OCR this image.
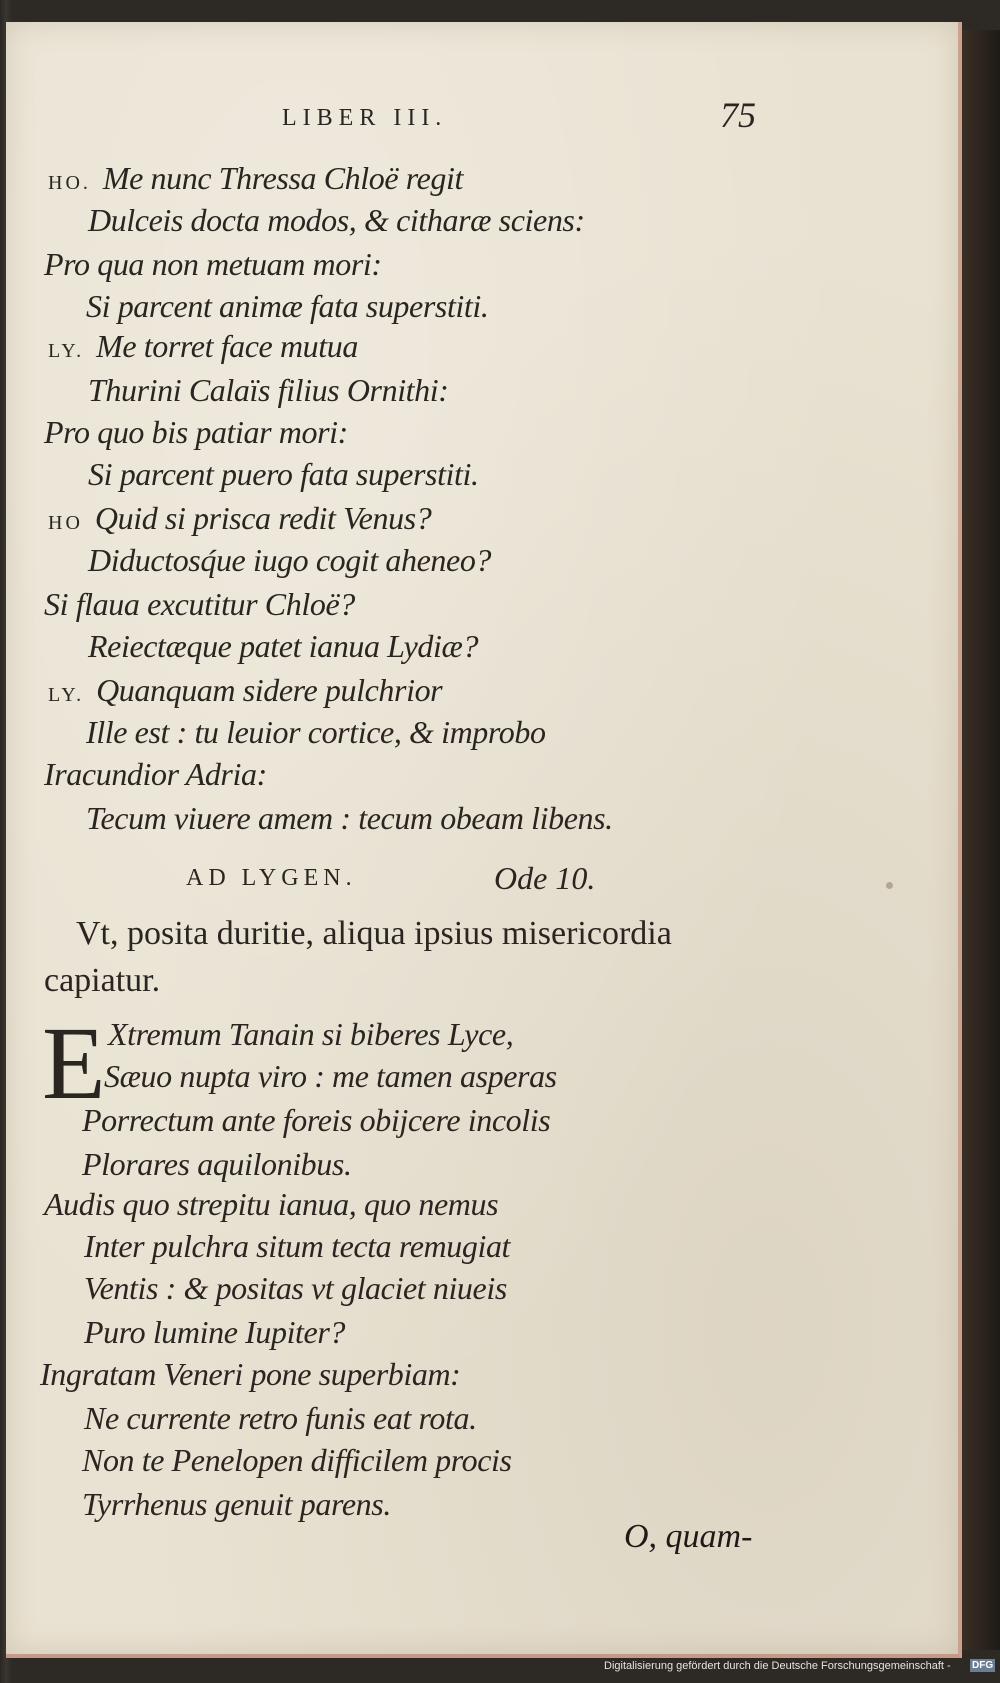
LIBER III.	75
HO. Me nunc Thressa Chloë regit
Dulceis docta modos, & citharæ sciens:
Pro qua non metuam mori:
Si parcent animæ fata superstiti.
LY. Me torret face mutua
Thurini Calaïs filius Ornithi:
Pro quo bis patiar mori:
Si parcent puero fata superstiti.
HO Quid si prisca redit Venus?
Diductosq́ue iugo cogit aheneo?
Si flaua excutitur Chloë?
Reiectæque patet ianua Lydiæ?
LY. Quanquam sidere pulchrior
Ille est : tu leuior cortice, & improbo
Iracundior Adria:
Tecum viuere amem : tecum obeam libens.
AD LYGEN.	Ode 10.
Vt, posita duritie, aliqua ipsius misericordia
capiatur.
E Xtremum Tanain si biberes Lyce,
Sæuo nupta viro : me tamen asperas
Porrectum ante foreis obijcere incolis
Plorares aquilonibus.
Audis quo strepitu ianua, quo nemus
Inter pulchra situm tecta remugiat
Ventis : & positas vt glaciet niueis
Puro lumine Iupiter?
Ingratam Veneri pone superbiam:
Ne currente retro funis eat rota.
Non te Penelopen difficilem procis
Tyrrhenus genuit parens.
O, quam-
Digitalisierung gefördert durch die Deutsche Forschungsgemeinschaft - DFG
